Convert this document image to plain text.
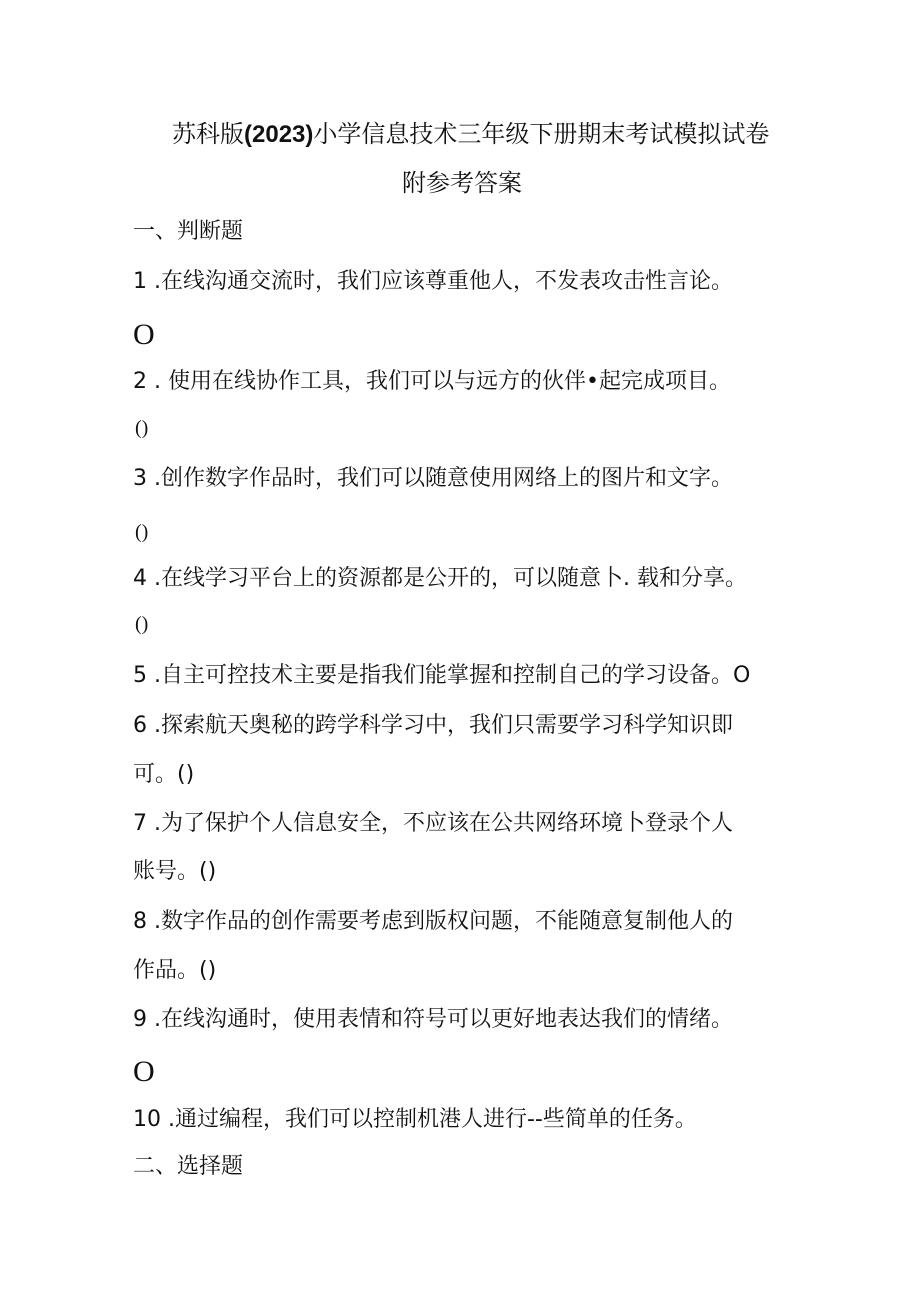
苏科版(2023)小学信息技术三年级下册期末考试模拟试卷
附参考答案
一、判断题
1 .在线沟通交流时，我们应该尊重他人，不发表攻击性言论。
O
2 . 使用在线协作工具，我们可以与远方的伙伴•起完成项目。
()
3 .创作数字作品时，我们可以随意使用网络上的图片和文字。
()
4 .在线学习平台上的资源都是公开的，可以随意卜. 载和分享。
()
5 .自主可控技术主要是指我们能掌握和控制自己的学习设备。O
6 .探索航天奥秘的跨学科学习中，我们只需要学习科学知识即
可。()
7 .为了保护个人信息安全，不应该在公共网络环境卜登录个人
账号。()
8 .数字作品的创作需要考虑到版权问题，不能随意复制他人的
作品。()
9 .在线沟通时，使用表情和符号可以更好地表达我们的情绪。
O
10 .通过编程，我们可以控制机港人进行--些简单的任务。
二、选择题
